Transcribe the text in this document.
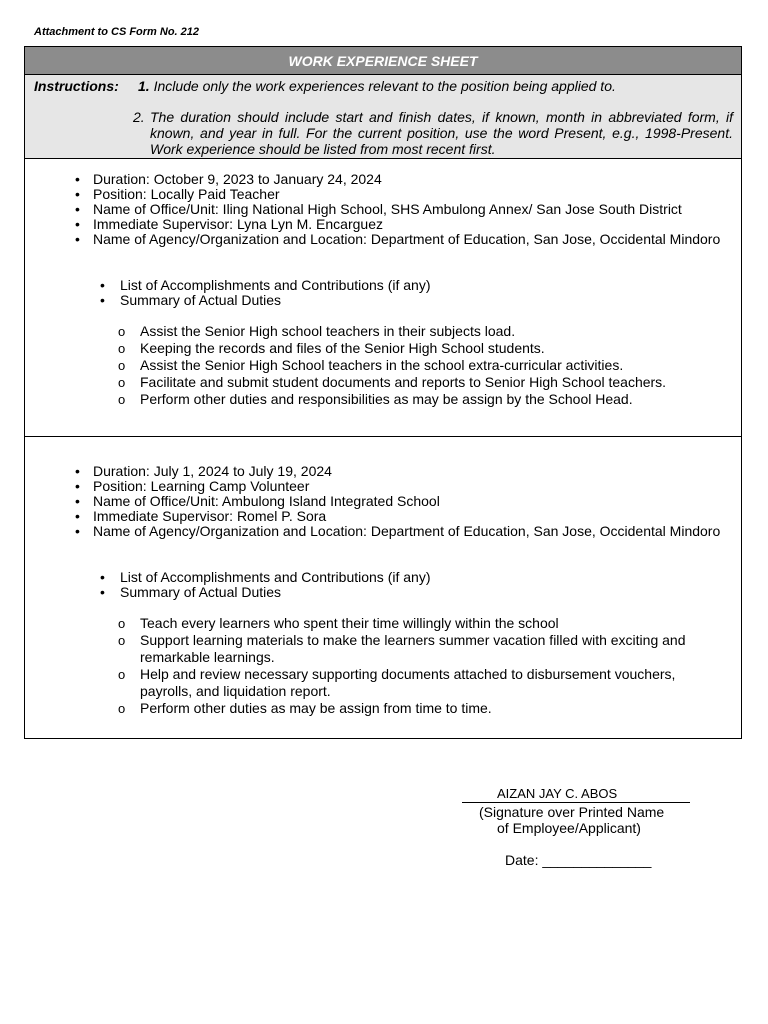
Attachment to CS Form No. 212
WORK EXPERIENCE SHEET
Instructions: 1. Include only the work experiences relevant to the position being applied to.
2. The duration should include start and finish dates, if known, month in abbreviated form, if known, and year in full. For the current position, use the word Present, e.g., 1998-Present. Work experience should be listed from most recent first.
• Duration: October 9, 2023 to January 24, 2024
• Position: Locally Paid Teacher
• Name of Office/Unit: Iling National High School, SHS Ambulong Annex/ San Jose South District
• Immediate Supervisor: Lyna Lyn M. Encarguez
• Name of Agency/Organization and Location: Department of Education, San Jose, Occidental Mindoro
• List of Accomplishments and Contributions (if any)
• Summary of Actual Duties
o Assist the Senior High school teachers in their subjects load.
o Keeping the records and files of the Senior High School students.
o Assist the Senior High School teachers in the school extra-curricular activities.
o Facilitate and submit student documents and reports to Senior High School teachers.
o Perform other duties and responsibilities as may be assign by the School Head.
• Duration: July 1, 2024 to July 19, 2024
• Position: Learning Camp Volunteer
• Name of Office/Unit: Ambulong Island Integrated School
• Immediate Supervisor: Romel P. Sora
• Name of Agency/Organization and Location: Department of Education, San Jose, Occidental Mindoro
• List of Accomplishments and Contributions (if any)
• Summary of Actual Duties
o Teach every learners who spent their time willingly within the school
o Support learning materials to make the learners summer vacation filled with exciting and remarkable learnings.
o Help and review necessary supporting documents attached to disbursement vouchers, payrolls, and liquidation report.
o Perform other duties as may be assign from time to time.
AIZAN JAY C. ABOS
(Signature over Printed Name
of Employee/Applicant)
Date: ______________
